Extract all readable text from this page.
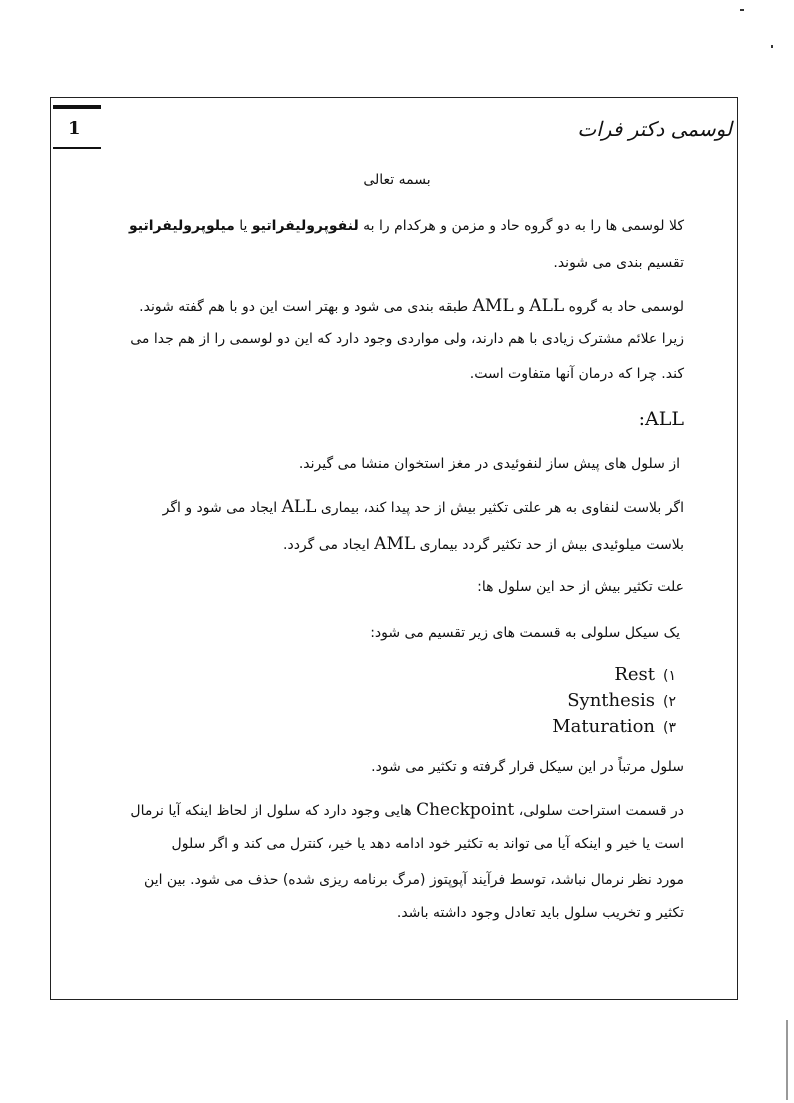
1	لوسمی دکتر فرات
بسمه تعالی
کلا لوسمی ها را به دو گروه حاد و مزمن و هرکدام را به لنفوپرولیفراتیو یا میلوپرولیفراتیو
تقسیم بندی می شوند.
لوسمی حاد به گروه ALL و AML طبقه بندی می شود و بهتر است این دو با هم گفته شوند.
زیرا علائم مشترک زیادی با هم دارند، ولی مواردی وجود دارد که این دو لوسمی را از هم جدا می
کند. چرا که درمان آنها متفاوت است.
ALL:
از سلول های پیش ساز لنفوئیدی در مغز استخوان منشا می گیرند.
اگر بلاست لنفاوی به هر علتی تکثیر بیش از حد پیدا کند، بیماری ALL ایجاد می شود و اگر
بلاست میلوئیدی بیش از حد تکثیر گردد بیماری AML ایجاد می گردد.
علت تکثیر بیش از حد این سلول ها:
یک سیکل سلولی به قسمت های زیر تقسیم می شود:
۱)Rest
۲)Synthesis
۳)Maturation
سلول مرتباً در این سیکل قرار گرفته و تکثیر می شود.
در قسمت استراحت سلولی، Checkpoint هایی وجود دارد که سلول از لحاظ اینکه آیا نرمال
است یا خیر و اینکه آیا می تواند به تکثیر خود ادامه دهد یا خیر، کنترل می کند و اگر سلول
مورد نظر نرمال نباشد، توسط فرآیند آپوپتوز (مرگ برنامه ریزی شده) حذف می شود. بین این
تکثیر و تخریب سلول باید تعادل وجود داشته باشد.
